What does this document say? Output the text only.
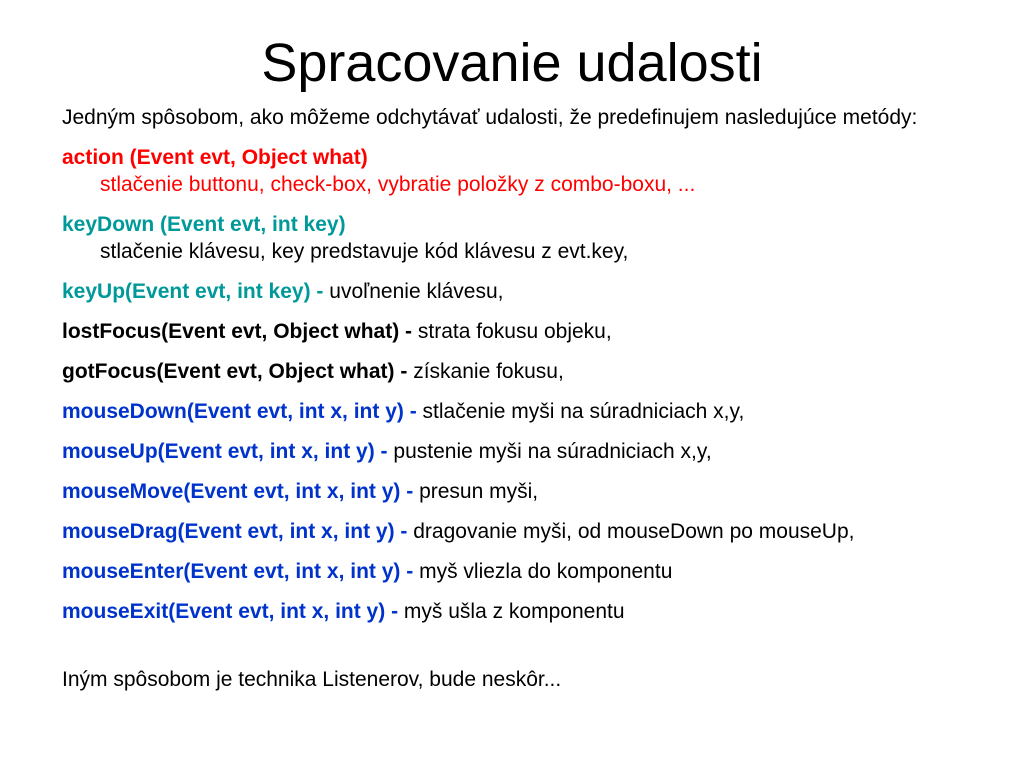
Spracovanie udalosti
Jedným spôsobom, ako môžeme odchytávať udalosti, že predefinujem nasledujúce metódy:
action (Event evt, Object what)
stlačenie buttonu, check-box, vybratie položky z combo-boxu, ...
keyDown (Event evt, int key)
stlačenie klávesu, key predstavuje kód klávesu z evt.key,
keyUp(Event evt, int key) - uvoľnenie klávesu,
lostFocus(Event evt, Object what) - strata fokusu objeku,
gotFocus(Event evt, Object what) - získanie fokusu,
mouseDown(Event evt, int x, int y) - stlačenie myši na súradniciach x,y,
mouseUp(Event evt, int x, int y) - pustenie myši na súradniciach x,y,
mouseMove(Event evt, int x, int y) - presun myši,
mouseDrag(Event evt, int x, int y) - dragovanie myši, od mouseDown po mouseUp,
mouseEnter(Event evt, int x, int y) - myš vliezla do komponentu
mouseExit(Event evt, int x, int y) - myš ušla z komponentu
Iným spôsobom je technika Listenerov, bude neskôr...
